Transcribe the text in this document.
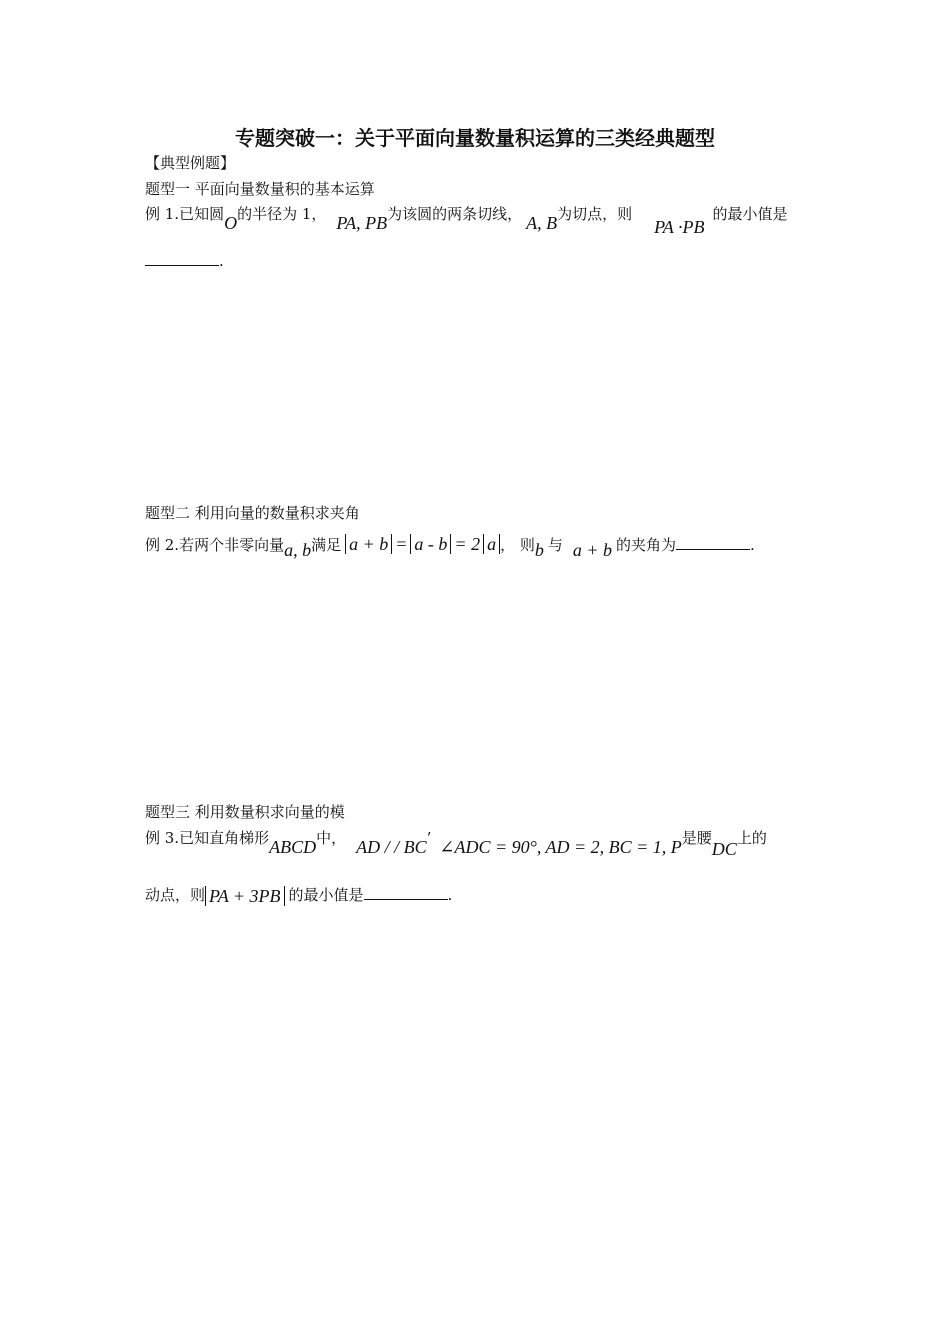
专题突破一：关于平面向量数量积运算的三类经典题型
【典型例题】
题型一 平面向量数量积的基本运算
例 1.已知圆O的半径为 1， PA, PB为该圆的两条切线， A, B为切点，则PA ·PB的最小值是
.
题型二 利用向量的数量积求夹角
例 2.若两个非零向量a, b满足 a + b = a - b = 2 a ， 则b 与 a + b 的夹角为	.
题型三 利用数量积求向量的模
例 3.已知直角梯形ABCD中， AD / / BC’ ∠ADC = 90°, AD = 2, BC = 1, P是腰DC上的
动点，则 PA + 3PB 的最小值是	.
